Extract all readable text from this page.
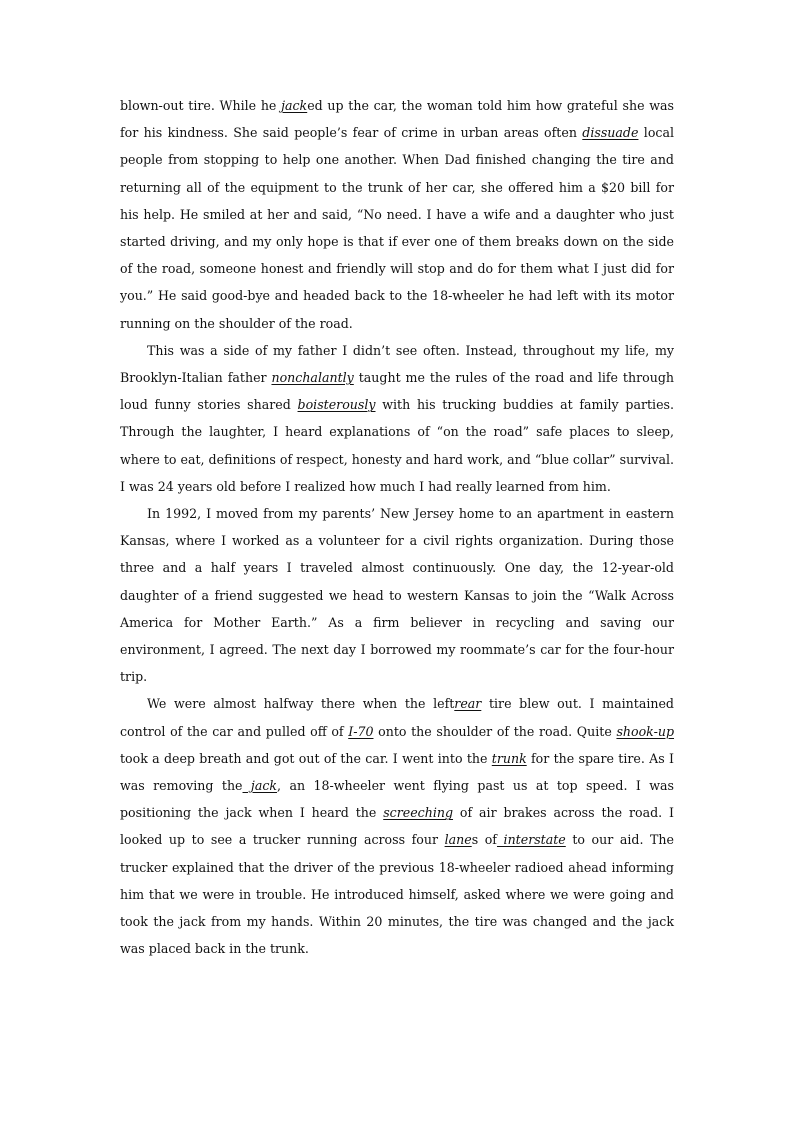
blown-out tire. While he jacked up the car, the woman told him how grateful she was for his kindness. She said people’s fear of crime in urban areas often dissuade local people from stopping to help one another. When Dad finished changing the tire and returning all of the equipment to the trunk of her car, she offered him a $20 bill for his help. He smiled at her and said, “No need. I have a wife and a daughter who just started driving, and my only hope is that if ever one of them breaks down on the side of the road, someone honest and friendly will stop and do for them what I just did for you.” He said good-bye and headed back to the 18-wheeler he had left with its motor running on the shoulder of the road.

This was a side of my father I didn’t see often. Instead, throughout my life, my Brooklyn-Italian father nonchalantly taught me the rules of the road and life through loud funny stories shared boisterously with his trucking buddies at family parties. Through the laughter, I heard explanations of “on the road” safe places to sleep, where to eat, definitions of respect, honesty and hard work, and “blue collar” survival. I was 24 years old before I realized how much I had really learned from him.

In 1992, I moved from my parents’ New Jersey home to an apartment in eastern Kansas, where I worked as a volunteer for a civil rights organization. During those three and a half years I traveled almost continuously. One day, the 12-year-old daughter of a friend suggested we head to western Kansas to join the “Walk Across America for Mother Earth.” As a firm believer in recycling and saving our environment, I agreed. The next day I borrowed my roommate’s car for the four-hour trip.

We were almost halfway there when the leftrear tire blew out. I maintained control of the car and pulled off of I-70 onto the shoulder of the road. Quite shook-up took a deep breath and got out of the car. I went into the trunk for the spare tire. As I was removing the jack, an 18-wheeler went flying past us at top speed. I was positioning the jack when I heard the screeching of air brakes across the road. I looked up to see a trucker running across four lanes of interstate to our aid. The trucker explained that the driver of the previous 18-wheeler radioed ahead informing him that we were in trouble. He introduced himself, asked where we were going and took the jack from my hands. Within 20 minutes, the tire was changed and the jack was placed back in the trunk.
